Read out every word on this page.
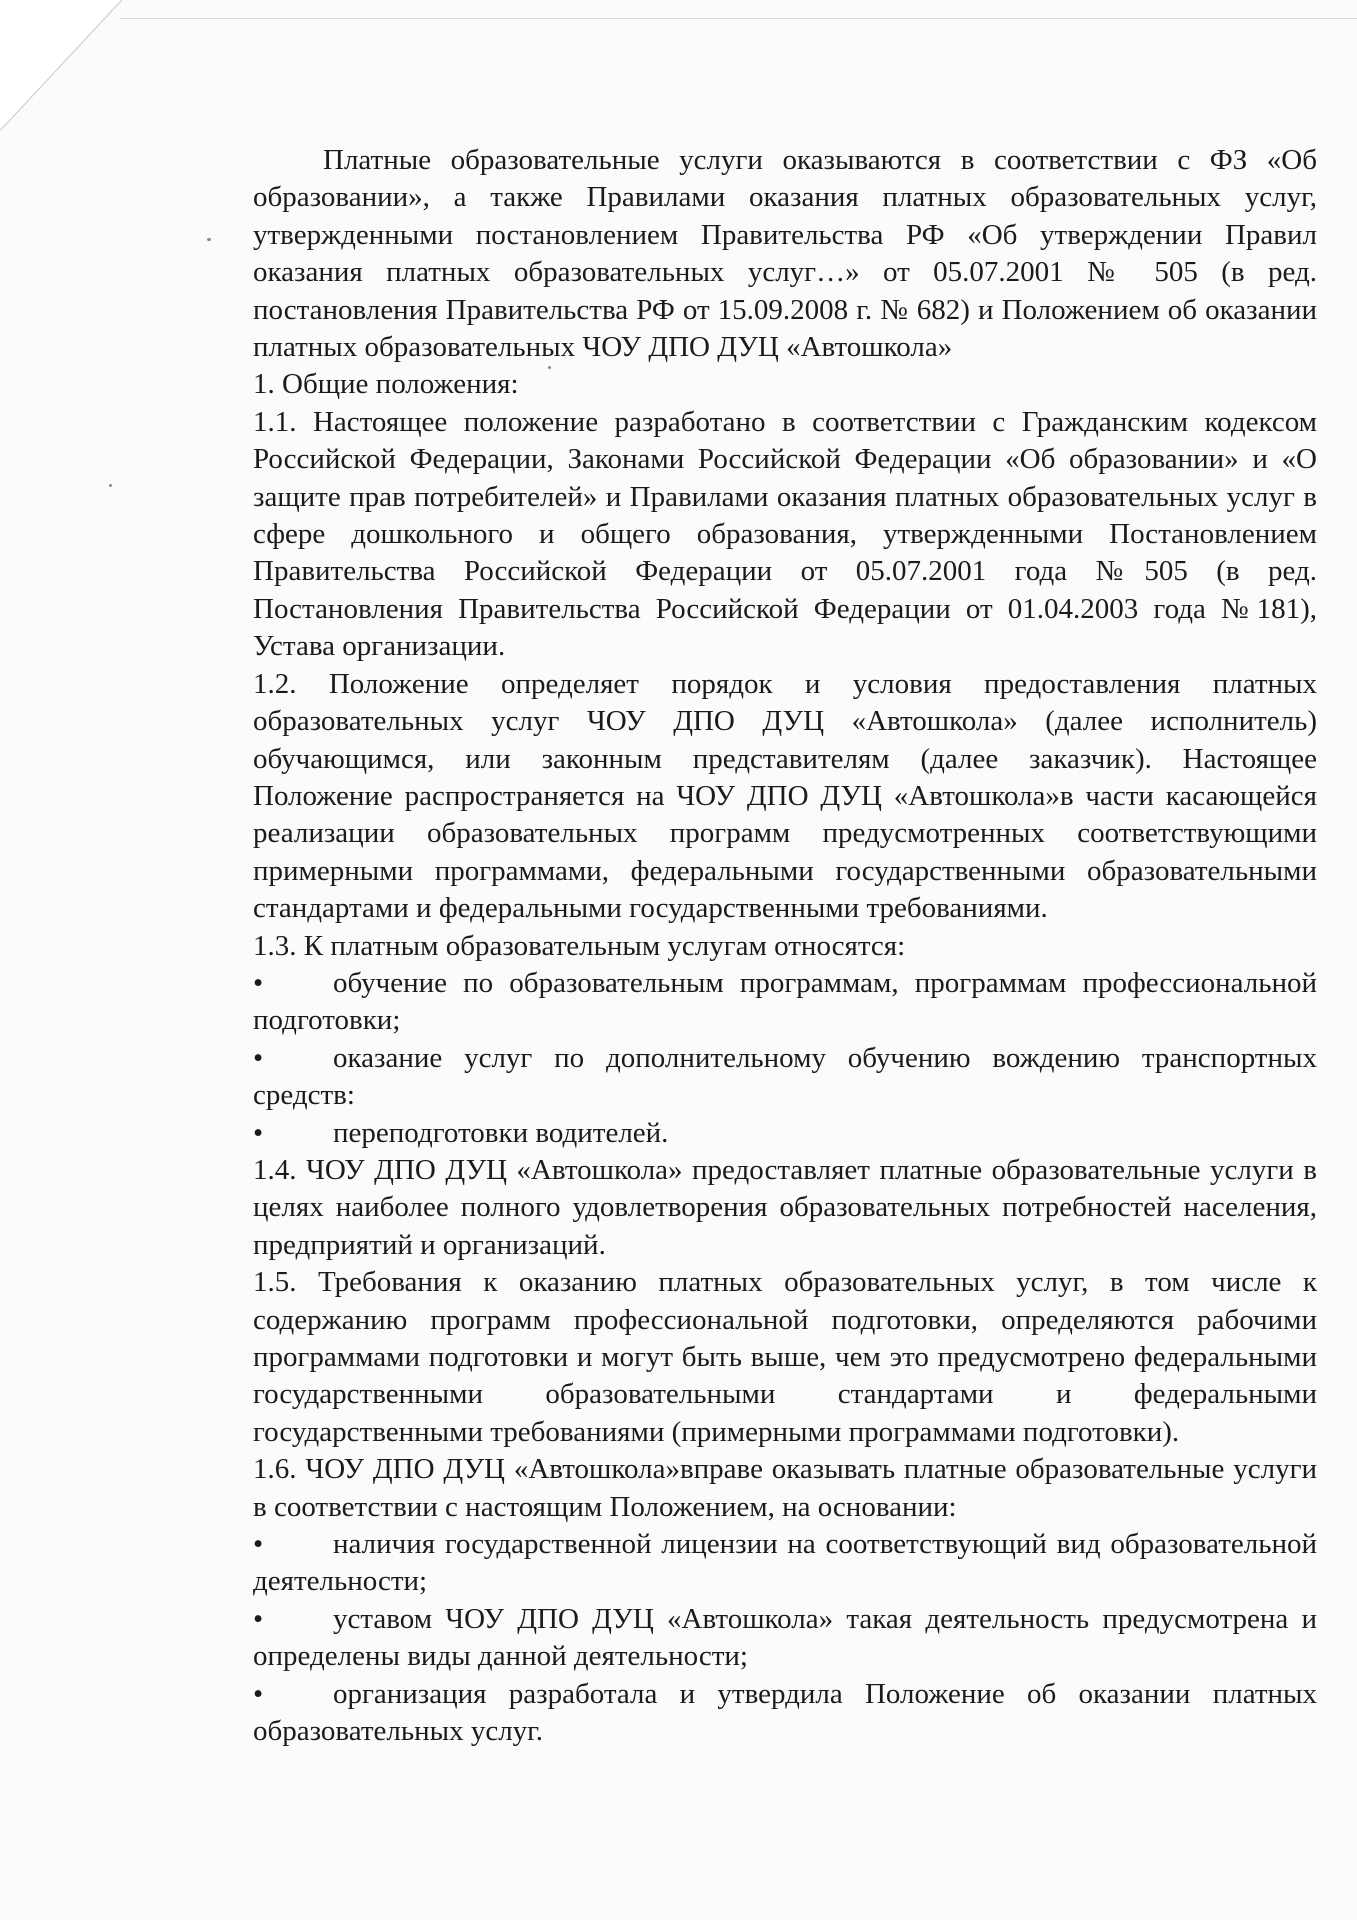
Платные образовательные услуги оказываются в соответствии с ФЗ «Об образовании», а также Правилами оказания платных образовательных услуг, утвержденными постановлением Правительства РФ «Об утверждении Правил оказания платных образовательных услуг…» от 05.07.2001 № 505 (в ред. постановления Правительства РФ от 15.09.2008 г. № 682) и Положением об оказании платных образовательных ЧОУ ДПО ДУЦ «Автошкола»

1. Общие положения:

1.1. Настоящее положение разработано в соответствии с Гражданским кодексом Российской Федерации, Законами Российской Федерации «Об образовании» и «О защите прав потребителей» и Правилами оказания платных образовательных услуг в сфере дошкольного и общего образования, утвержденными Постановлением Правительства Российской Федерации от 05.07.2001 года №505 (в ред. Постановления Правительства Российской Федерации от 01.04.2003 года №181), Устава организации.

1.2. Положение определяет порядок и условия предоставления платных образовательных услуг ЧОУ ДПО ДУЦ «Автошкола» (далее исполнитель) обучающимся, или законным представителям (далее заказчик). Настоящее Положение распространяется на ЧОУ ДПО ДУЦ «Автошкола»в части касающейся реализации образовательных программ предусмотренных соответствующими примерными программами, федеральными государственными образовательными стандартами и федеральными государственными требованиями.

1.3. К платным образовательным услугам относятся:

• обучение по образовательным программам, программам профессиональной подготовки;

• оказание услуг по дополнительному обучению вождению транспортных средств:

• переподготовки водителей.

1.4. ЧОУ ДПО ДУЦ «Автошкола» предоставляет платные образовательные услуги в целях наиболее полного удовлетворения образовательных потребностей населения, предприятий и организаций.

1.5. Требования к оказанию платных образовательных услуг, в том числе к содержанию программ профессиональной подготовки, определяются рабочими программами подготовки и могут быть выше, чем это предусмотрено федеральными государственными образовательными стандартами и федеральными государственными требованиями (примерными программами подготовки).

1.6. ЧОУ ДПО ДУЦ «Автошкола»вправе оказывать платные образовательные услуги в соответствии с настоящим Положением, на основании:

• наличия государственной лицензии на соответствующий вид образовательной деятельности;

• уставом ЧОУ ДПО ДУЦ «Автошкола» такая деятельность предусмотрена и определены виды данной деятельности;

• организация разработала и утвердила Положение об оказании платных образовательных услуг.
